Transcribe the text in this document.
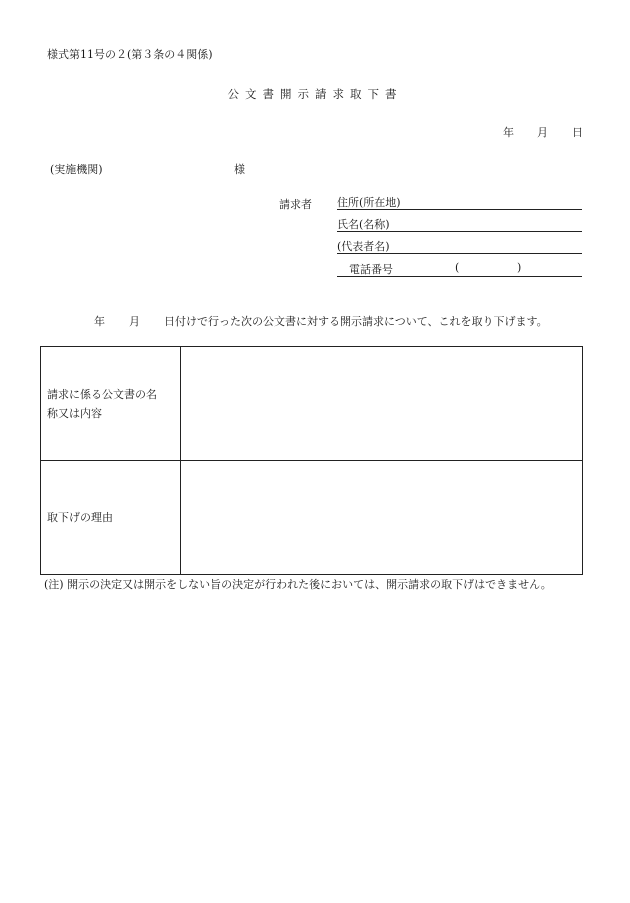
様式第11号の２(第３条の４関係)
公文書開示請求取下書
年 月 日
(実施機関)	様
請求者 住所(所在地)
氏名(名称)
(代表者名)
電話番号	(	)
年 月 日付けで行った次の公文書に対する開示請求について、これを取り下げます。
請求に係る公文書の名
称又は内容	
取下げの理由	
(注) 開示の決定又は開示をしない旨の決定が行われた後においては、開示請求の取下げはできません。
